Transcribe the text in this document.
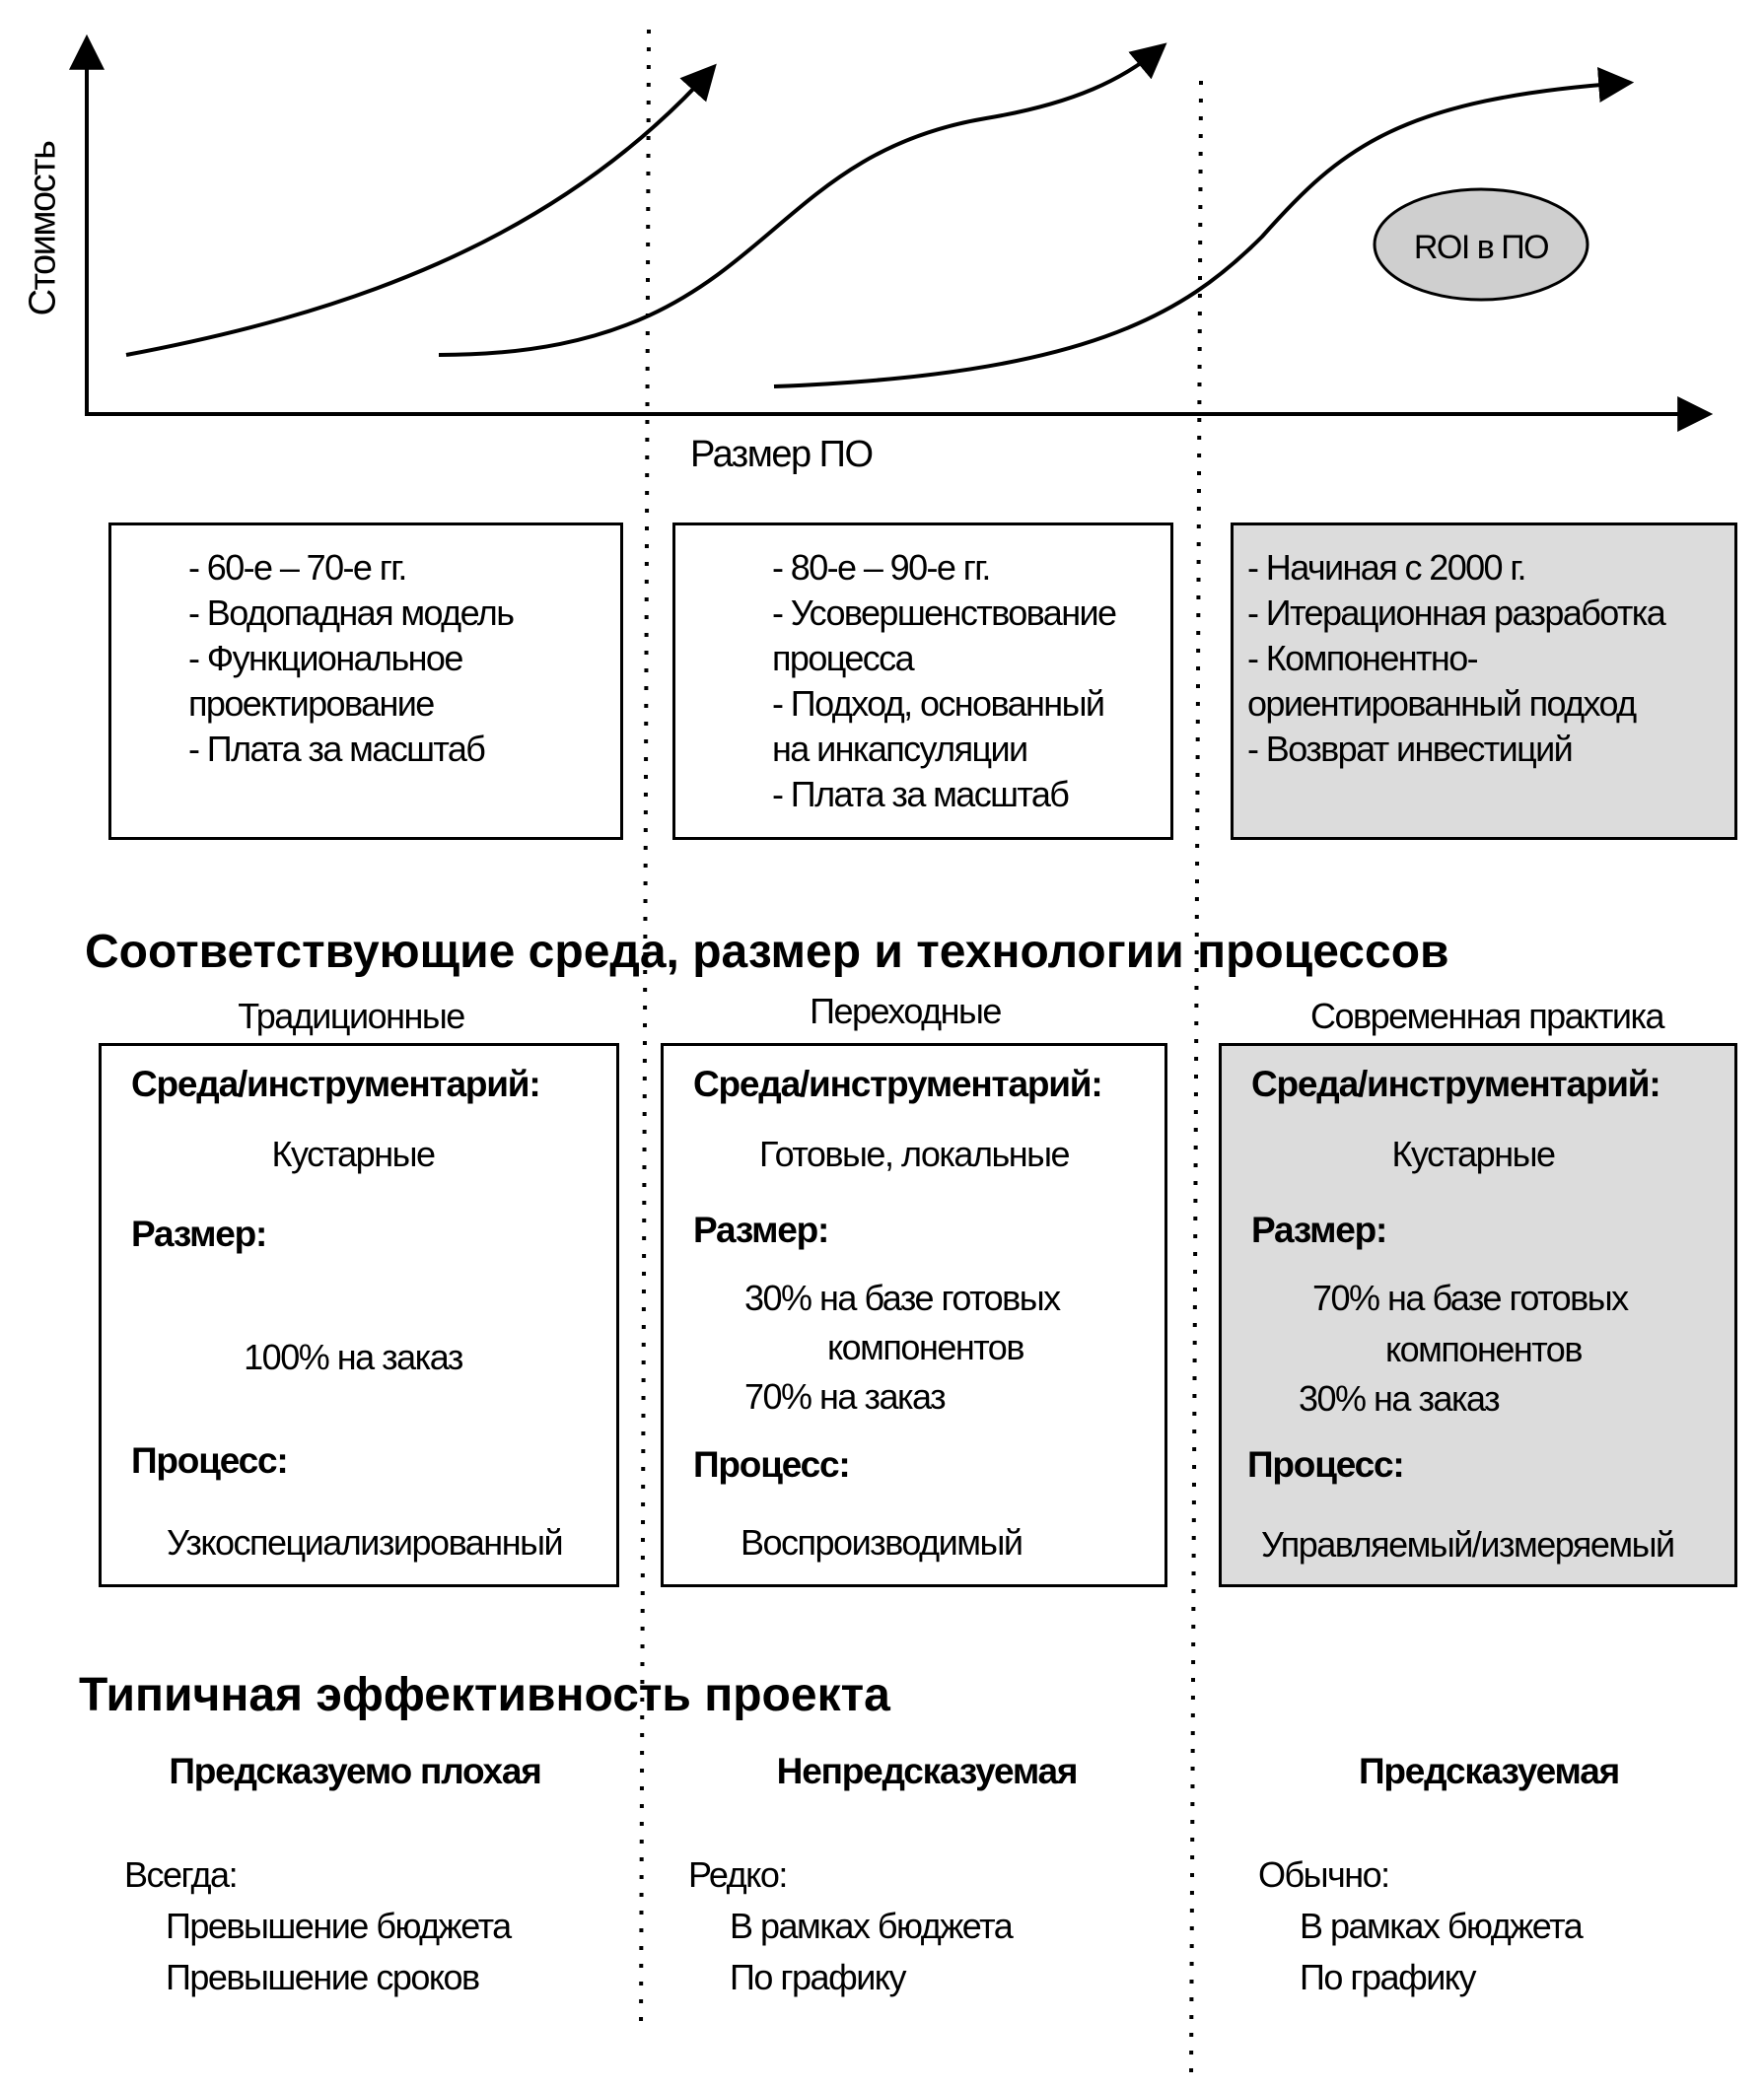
ROI в ПО
Стоимость
Размер ПО
- 60-е – 70-е гг.
- Водопадная модель
- Функциональное проектирование
- Плата за масштаб
- 80-е – 90-е гг.
- Усовершенствование процесса
- Подход, основанный на инкапсуляции
- Плата за масштаб
- Начиная с 2000 г.
- Итерационная разработка
- Компонентно-ориентированный подход
- Возврат инвестиций
Соответствующие среда, размер и технологии процессов
Традиционные	Переходные	Современная практика
Среда/инструментарий:
Кустарные
Размер:
100% на заказ
Процесс:
Узкоспециализированный
Среда/инструментарий:
Готовые, локальные
Размер:
30% на базе готовых
компонентов
70% на заказ
Процесс:
Воспроизводимый
Среда/инструментарий:
Кустарные
Размер:
70% на базе готовых
компонентов
30% на заказ
Процесс:
Управляемый/измеряемый
Типичная эффективность проекта
Предсказуемо плохая	Непредсказуемая	Предсказуемая
Всегда:
Превышение бюджета
Превышение сроков
Редко:
В рамках бюджета
По графику
Обычно:
В рамках бюджета
По графику
